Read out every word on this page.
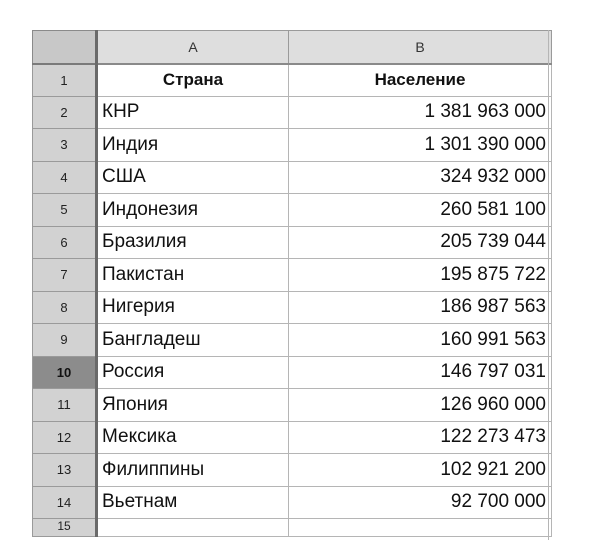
	A	B
1	Страна	Население
2	КНР	1 381 963 000
3	Индия	1 301 390 000
4	США	324 932 000
5	Индонезия	260 581 100
6	Бразилия	205 739 044
7	Пакистан	195 875 722
8	Нигерия	186 987 563
9	Бангладеш	160 991 563
10	Россия	146 797 031
11	Япония	126 960 000
12	Мексика	122 273 473
13	Филиппины	102 921 200
14	Вьетнам	92 700 000
15		
